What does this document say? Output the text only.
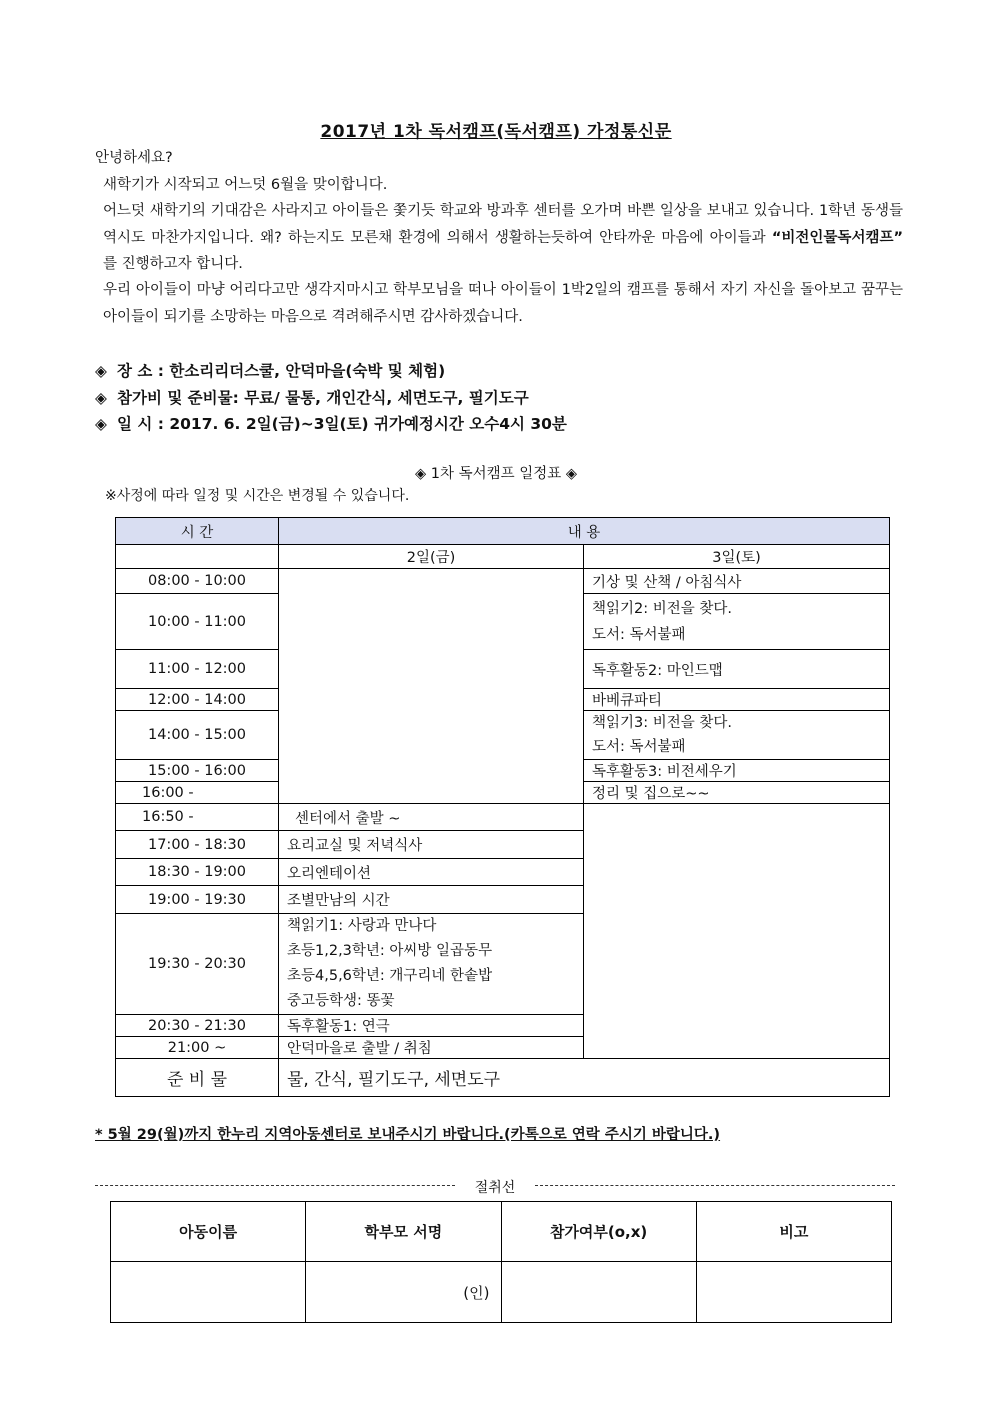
2017년 1차 독서캠프(독서캠프) 가정통신문
안녕하세요?
새학기가 시작되고 어느덧 6월을 맞이합니다.
어느덧 새학기의 기대감은 사라지고 아이들은 쫓기듯 학교와 방과후 센터를 오가며 바쁜 일상을 보내고 있습니다. 1학년 동생들 역시도 마찬가지입니다. 왜? 하는지도 모른채 환경에 의해서 생활하는듯하여 안타까운 마음에 아이들과 “비전인물독서캠프” 를 진행하고자 합니다.
우리 아이들이 마냥 어리다고만 생각지마시고 학부모님을 떠나 아이들이 1박2일의 캠프를 통해서 자기 자신을 돌아보고 꿈꾸는 아이들이 되기를 소망하는 마음으로 격려해주시면 감사하겠습니다.
◈ 장 소 : 한소리리더스쿨, 안덕마을(숙박 및 체험)
◈ 참가비 및 준비물: 무료/ 물통, 개인간식, 세면도구, 필기도구
◈ 일 시 : 2017. 6. 2일(금)~3일(토) 귀가예정시간 오수4시 30분
◈ 1차 독서캠프 일정표 ◈
※사정에 따라 일정 및 시간은 변경될 수 있습니다.
시 간	내 용	
	2일(금)	3일(토)
08:00 - 10:00		기상 및 산책 / 아침식사
10:00 - 11:00		책읽기2: 비전을 찾다.
도서: 독서불패

11:00 - 12:00		독후활동2: 마인드맵
12:00 - 14:00		바베큐파티
14:00 - 15:00		책읽기3: 비전을 찾다.
도서: 독서불패

15:00 - 16:00		독후활동3: 비전세우기
16:00 -		정리 및 집으로~~
16:50 -	센터에서 출발 ~	
17:00 - 18:30	요리교실 및 저녁식사	
18:30 - 19:00	오리엔테이션	
19:00 - 19:30	조별만남의 시간	
19:30 - 20:30	책읽기1: 사랑과 만나다
초등1,2,3학년: 아씨방 일곱동무
초등4,5,6학년: 개구리네 한솥밥
중고등학생: 똥꽃	

20:30 - 21:30	독후활동1: 연극	
21:00 ~	안덕마을로 출발 / 취침	
준 비 물	물, 간식, 필기도구, 세면도구	
* 5월 29(월)까지 한누리 지역아동센터로 보내주시기 바랍니다.(카톡으로 연락 주시기 바랍니다.)
절취선
아동이름	학부모 서명	참가여부(o,x)	비고

	(인)		
